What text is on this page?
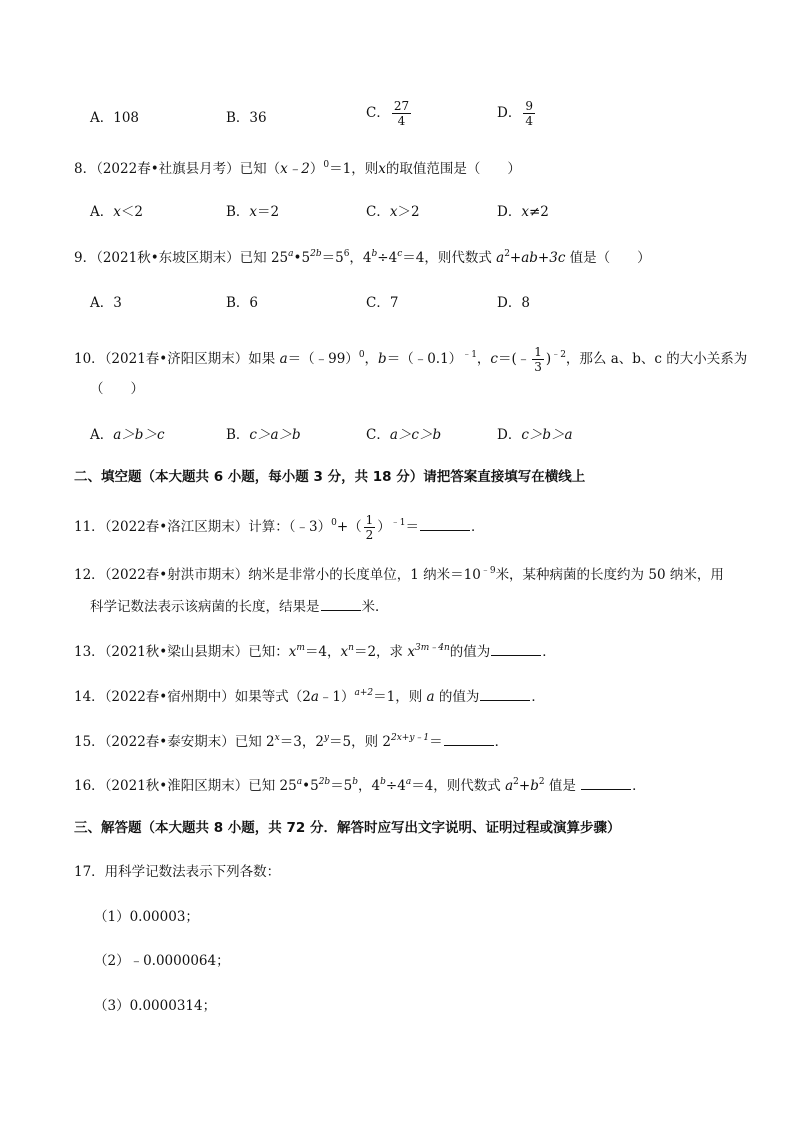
A．108	B．36	C． $\frac{27}{4}$	D． $\frac{9}{4}$
8．（2022春•社旗县月考）已知（x﹣2）$^0$＝1，则x的取值范围是（　　）
A．x＜2	B．x＝2	C．x＞2	D．x≠2
9．（2021秋•东坡区期末）已知 $25^a•5^{2b}=5^6$，$4^b\div 4^c=4$，则代数式 $a^2+ab+3c$ 值是（　　）
A．3	B．6	C．7	D．8
10．（2021春•济阳区期末）如果 a＝（﹣99）$^0$，b＝（﹣0.1）$^{﹣1}$，c＝(﹣ $\frac{1}{3} )^{﹣2}$，那么 a、b、c 的大小关系为
（　　）
A．a＞b＞c	B．c＞a＞b	C．a＞c＞b	D．c＞b＞a
二、填空题（本大题共 6 小题，每小题 3 分，共 18 分）请把答案直接填写在横线上
11．（2022春•洛江区期末）计算：（﹣3）$^0$+（ $\frac{1}{2} )^{﹣1}=$	．
12．（2022春•射洪市期末）纳米是非常小的长度单位，1 纳米$=10^{﹣9}$米，某种病菌的长度约为 50 纳米，用
科学记数法表示该病菌的长度，结果是	米．
13．（2021秋•梁山县期末）已知：$x^m=4$，$x^n=2$，求 $x^{3m﹣4n}$的值为	．
14．（2022春•宿州期中）如果等式（2a﹣1）$^{a+2}$＝1，则 a 的值为	．
15．（2022春•泰安期末）已知 $2^x=3$，$2^y=5$，则 $2^{2x+y﹣1}=$	．
16．（2021秋•淮阳区期末）已知 $25^a•5^{2b}=5^b$，$4^b\div 4^a=4$，则代数式 $a^2+b^2$ 值是	．
三、解答题（本大题共 8 小题，共 72 分．解答时应写出文字说明、证明过程或演算步骤）
17．用科学记数法表示下列各数：
（1）0.00003；
（2）﹣0.0000064；
（3）0.0000314；
